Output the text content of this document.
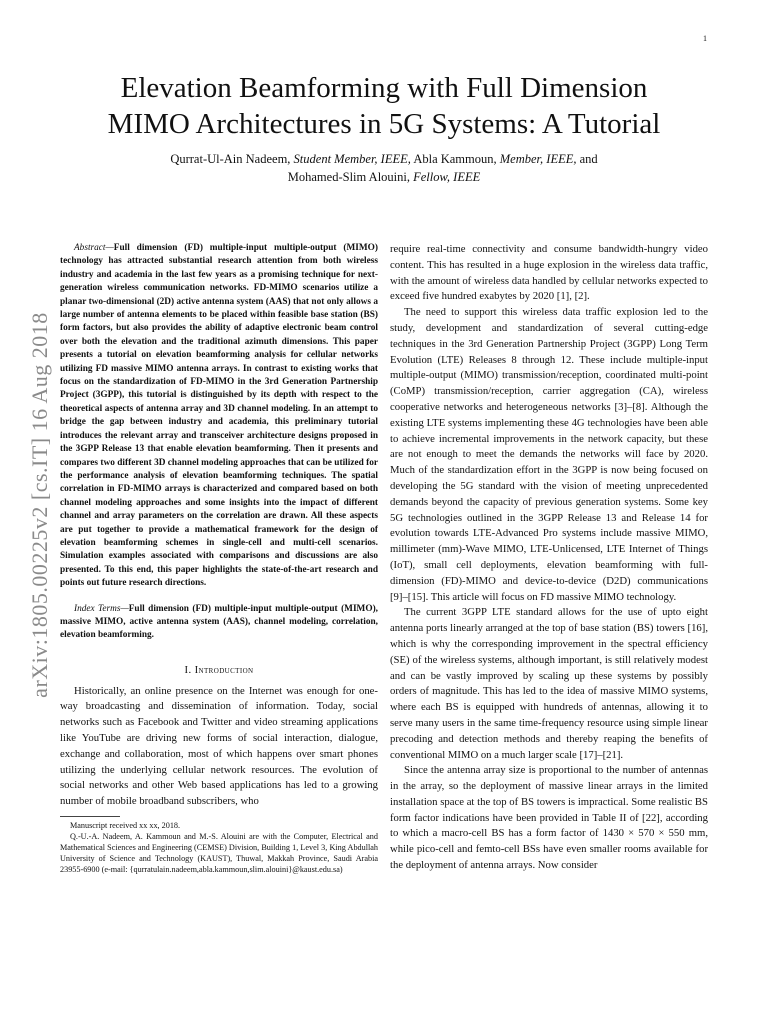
1
arXiv:1805.00225v2 [cs.IT] 16 Aug 2018
Elevation Beamforming with Full Dimension
MIMO Architectures in 5G Systems: A Tutorial
Qurrat-Ul-Ain Nadeem, Student Member, IEEE, Abla Kammoun, Member, IEEE, and
Mohamed-Slim Alouini, Fellow, IEEE

Abstract—Full dimension (FD) multiple-input multiple-output (MIMO) technology has attracted substantial research attention from both wireless industry and academia in the last few years as a promising technique for next-generation wireless communication networks. FD-MIMO scenarios utilize a planar two-dimensional (2D) active antenna system (AAS) that not only allows a large number of antenna elements to be placed within feasible base station (BS) form factors, but also provides the ability of adaptive electronic beam control over both the elevation and the traditional azimuth dimensions. This paper presents a tutorial on elevation beamforming analysis for cellular networks utilizing FD massive MIMO antenna arrays. In contrast to existing works that focus on the standardization of FD-MIMO in the 3rd Generation Partnership Project (3GPP), this tutorial is distinguished by its depth with respect to the theoretical aspects of antenna array and 3D channel modeling. In an attempt to bridge the gap between industry and academia, this preliminary tutorial introduces the relevant array and transceiver architecture designs proposed in the 3GPP Release 13 that enable elevation beamforming. Then it presents and compares two different 3D channel modeling approaches that can be utilized for the performance analysis of elevation beamforming techniques. The spatial correlation in FD-MIMO arrays is characterized and compared based on both channel modeling approaches and some insights into the impact of different channel and array parameters on the correlation are drawn. All these aspects are put together to provide a mathematical framework for the design of elevation beamforming schemes in single-cell and multi-cell scenarios. Simulation examples associated with comparisons and discussions are also presented. To this end, this paper highlights the state-of-the-art research and points out future research directions.

Index Terms—Full dimension (FD) multiple-input multiple-output (MIMO), massive MIMO, active antenna system (AAS), channel modeling, correlation, elevation beamforming.

I. Introduction

Historically, an online presence on the Internet was enough for one-way broadcasting and dissemination of information. Today, social networks such as Facebook and Twitter and video streaming applications like YouTube are driving new forms of social interaction, dialogue, exchange and collaboration, most of which happens over smart phones utilizing the underlying cellular network resources. The evolution of social networks and other Web based applications has led to a growing number of mobile broadband subscribers, who

Manuscript received xx xx, 2018.

Q.-U.-A. Nadeem, A. Kammoun and M.-S. Alouini are with the Computer, Electrical and Mathematical Sciences and Engineering (CEMSE) Division, Building 1, Level 3, King Abdullah University of Science and Technology (KAUST), Thuwal, Makkah Province, Saudi Arabia 23955-6900 (e-mail: {qurratulain.nadeem,abla.kammoun,slim.alouini}@kaust.edu.sa)

require real-time connectivity and consume bandwidth-hungry video content. This has resulted in a huge explosion in the wireless data traffic, with the amount of wireless data handled by cellular networks expected to exceed five hundred exabytes by 2020 [1], [2].

The need to support this wireless data traffic explosion led to the study, development and standardization of several cutting-edge techniques in the 3rd Generation Partnership Project (3GPP) Long Term Evolution (LTE) Releases 8 through 12. These include multiple-input multiple-output (MIMO) transmission/reception, coordinated multi-point (CoMP) transmission/reception, carrier aggregation (CA), wireless cooperative networks and heterogeneous networks [3]–[8]. Although the existing LTE systems implementing these 4G technologies have been able to achieve incremental improvements in the network capacity, but these are not enough to meet the demands the networks will face by 2020. Much of the standardization effort in the 3GPP is now being focused on developing the 5G standard with the vision of meeting unprecedented demands beyond the capacity of previous generation systems. Some key 5G technologies outlined in the 3GPP Release 13 and Release 14 for evolution towards LTE-Advanced Pro systems include massive MIMO, millimeter (mm)-Wave MIMO, LTE-Unlicensed, LTE Internet of Things (IoT), small cell deployments, elevation beamforming with full-dimension (FD)-MIMO and device-to-device (D2D) communications [9]–[15]. This article will focus on FD massive MIMO technology.

The current 3GPP LTE standard allows for the use of upto eight antenna ports linearly arranged at the top of base station (BS) towers [16], which is why the corresponding improvement in the spectral efficiency (SE) of the wireless systems, although important, is still relatively modest and can be vastly improved by scaling up these systems by possibly orders of magnitude. This has led to the idea of massive MIMO systems, where each BS is equipped with hundreds of antennas, allowing it to serve many users in the same time-frequency resource using simple linear precoding and detection methods and thereby reaping the benefits of conventional MIMO on a much larger scale [17]–[21].

Since the antenna array size is proportional to the number of antennas in the array, so the deployment of massive linear arrays in the limited installation space at the top of BS towers is impractical. Some realistic BS form factor indications have been provided in Table II of [22], according to which a macro-cell BS has a form factor of 1430 × 570 × 550 mm, while pico-cell and femto-cell BSs have even smaller rooms available for the deployment of antenna arrays. Now consider
